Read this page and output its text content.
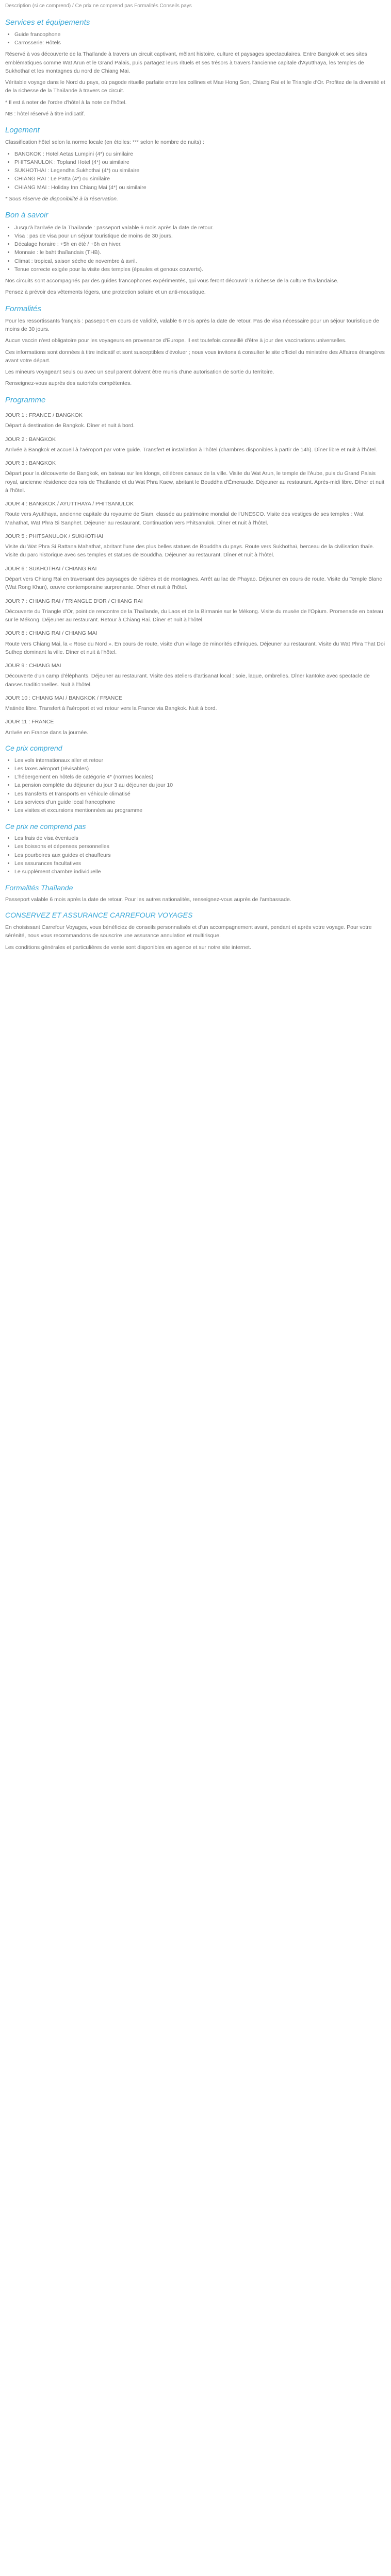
Description (si ce comprend) / Ce prix ne comprend pas Formalités Conseils pays

Services et équipements
• Guide francophone
• Carrosserie: Hôtels

Réservé à vos découverte de la Thaïlande à travers un circuit captivant, mêlant histoire, culture et paysages spectaculaires. Entre Bangkok et ses sites emblématiques comme Wat Arun et le Grand Palais, puis partagez leurs rituels et ses trésors à travers l'ancienne capitale d'Ayutthaya, les temples de Sukhothaï et les montagnes du nord de Chiang Mai.

Véritable voyage dans le Nord du pays, où pagode rituelle parfaite entre les collines et Mae Hong Son, Chiang Rai et le Triangle d'Or. Profitez de la diversité et de la richesse de la Thaïlande à travers ce circuit.

* Il est à noter de l'ordre d'hôtel à la note de l'hôtel.

NB : hôtel réservé à titre indicatif.

Logement

Classification hôtel selon la norme locale (en étoiles: *** selon le nombre de nuits) :

• BANGKOK : Hotel Aetas Lumpini (4*) ou similaire
• PHITSANULOK : Topland Hotel (4*) ou similaire
• SUKHOTHAI : Legendha Sukhothai (4*) ou similaire
• CHIANG RAI : Le Patta (4*) ou similaire
• CHIANG MAI : Holiday Inn Chiang Mai (4*) ou similaire

* Sous réserve de disponibilité à la réservation.

Bon à savoir
• Jusqu'à l'arrivée de la Thaïlande : passeport valable 6 mois après la date de retour.
• Visa : pas de visa pour un séjour touristique de moins de 30 jours.
• Décalage horaire : +5h en été / +6h en hiver.
• Monnaie : le baht thaïlandais (THB).
• Climat : tropical, saison sèche de novembre à avril.
• Tenue correcte exigée pour la visite des temples (épaules et genoux couverts).

Nos circuits sont accompagnés par des guides francophones expérimentés, qui vous feront découvrir la richesse de la culture thaïlandaise.

Pensez à prévoir des vêtements légers, une protection solaire et un anti-moustique.

Formalités

Pour les ressortissants français : passeport en cours de validité, valable 6 mois après la date de retour. Pas de visa nécessaire pour un séjour touristique de moins de 30 jours.

Aucun vaccin n'est obligatoire pour les voyageurs en provenance d'Europe. Il est toutefois conseillé d'être à jour des vaccinations universelles.

Ces informations sont données à titre indicatif et sont susceptibles d'évoluer ; nous vous invitons à consulter le site officiel du ministère des Affaires étrangères avant votre départ.

Les mineurs voyageant seuls ou avec un seul parent doivent être munis d'une autorisation de sortie du territoire.

Renseignez-vous auprès des autorités compétentes.

Programme
JOUR 1 : FRANCE / BANGKOK

Départ à destination de Bangkok. Dîner et nuit à bord.

JOUR 2 : BANGKOK

Arrivée à Bangkok et accueil à l'aéroport par votre guide. Transfert et installation à l'hôtel (chambres disponibles à partir de 14h). Dîner libre et nuit à l'hôtel.

JOUR 3 : BANGKOK

Départ pour la découverte de Bangkok, en bateau sur les klongs, célèbres canaux de la ville. Visite du Wat Arun, le temple de l'Aube, puis du Grand Palais royal, ancienne résidence des rois de Thaïlande et du Wat Phra Kaew, abritant le Bouddha d'Émeraude. Déjeuner au restaurant. Après-midi libre. Dîner et nuit à l'hôtel.

JOUR 4 : BANGKOK / AYUTTHAYA / PHITSANULOK

Route vers Ayutthaya, ancienne capitale du royaume de Siam, classée au patrimoine mondial de l'UNESCO. Visite des vestiges de ses temples : Wat Mahathat, Wat Phra Si Sanphet. Déjeuner au restaurant. Continuation vers Phitsanulok. Dîner et nuit à l'hôtel.

JOUR 5 : PHITSANULOK / SUKHOTHAI

Visite du Wat Phra Si Rattana Mahathat, abritant l'une des plus belles statues de Bouddha du pays. Route vers Sukhothaï, berceau de la civilisation thaïe. Visite du parc historique avec ses temples et statues de Bouddha. Déjeuner au restaurant. Dîner et nuit à l'hôtel.

JOUR 6 : SUKHOTHAI / CHIANG RAI

Départ vers Chiang Rai en traversant des paysages de rizières et de montagnes. Arrêt au lac de Phayao. Déjeuner en cours de route. Visite du Temple Blanc (Wat Rong Khun), œuvre contemporaine surprenante. Dîner et nuit à l'hôtel.

JOUR 7 : CHIANG RAI / TRIANGLE D'OR / CHIANG RAI

Découverte du Triangle d'Or, point de rencontre de la Thaïlande, du Laos et de la Birmanie sur le Mékong. Visite du musée de l'Opium. Promenade en bateau sur le Mékong. Déjeuner au restaurant. Retour à Chiang Rai. Dîner et nuit à l'hôtel.

JOUR 8 : CHIANG RAI / CHIANG MAI

Route vers Chiang Mai, la « Rose du Nord ». En cours de route, visite d'un village de minorités ethniques. Déjeuner au restaurant. Visite du Wat Phra That Doi Suthep dominant la ville. Dîner et nuit à l'hôtel.

JOUR 9 : CHIANG MAI

Découverte d'un camp d'éléphants. Déjeuner au restaurant. Visite des ateliers d'artisanat local : soie, laque, ombrelles. Dîner kantoke avec spectacle de danses traditionnelles. Nuit à l'hôtel.

JOUR 10 : CHIANG MAI / BANGKOK / FRANCE

Matinée libre. Transfert à l'aéroport et vol retour vers la France via Bangkok. Nuit à bord.

JOUR 11 : FRANCE

Arrivée en France dans la journée.

Ce prix comprend
• Les vols internationaux aller et retour
• Les taxes aéroport (révisables)
• L'hébergement en hôtels de catégorie 4* (normes locales)
• La pension complète du déjeuner du jour 3 au déjeuner du jour 10
• Les transferts et transports en véhicule climatisé
• Les services d'un guide local francophone
• Les visites et excursions mentionnées au programme
Ce prix ne comprend pas
• Les frais de visa éventuels
• Les boissons et dépenses personnelles
• Les pourboires aux guides et chauffeurs
• Les assurances facultatives
• Le supplément chambre individuelle
Formalités Thaïlande

Passeport valable 6 mois après la date de retour. Pour les autres nationalités, renseignez-vous auprès de l'ambassade.

CONSERVEZ ET ASSURANCE CARREFOUR VOYAGES

En choisissant Carrefour Voyages, vous bénéficiez de conseils personnalisés et d'un accompagnement avant, pendant et après votre voyage. Pour votre sérénité, nous vous recommandons de souscrire une assurance annulation et multirisque.

Les conditions générales et particulières de vente sont disponibles en agence et sur notre site internet.
